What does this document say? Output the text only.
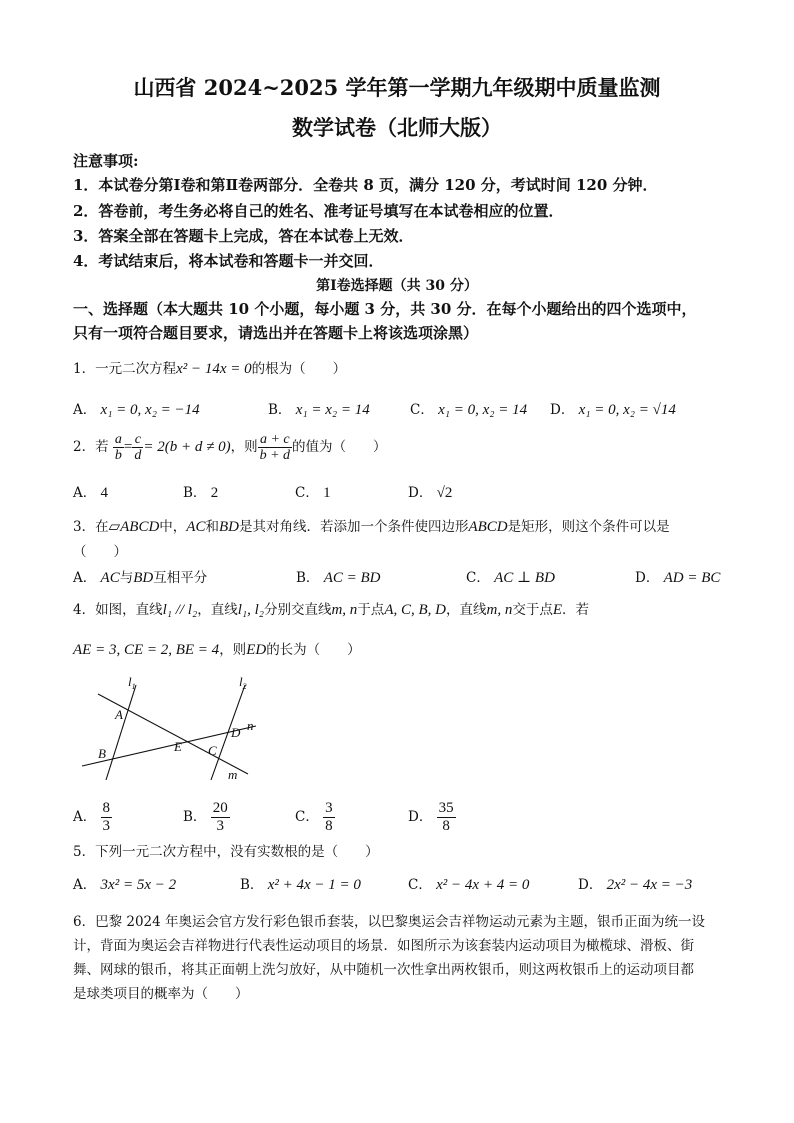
山西省 2024~2025 学年第一学期九年级期中质量监测
数学试卷（北师大版）
注意事项:
1．本试卷分第Ⅰ卷和第Ⅱ卷两部分．全卷共 8 页，满分 120 分，考试时间 120 分钟．
2．答卷前，考生务必将自己的姓名、准考证号填写在本试卷相应的位置．
3．答案全部在答题卡上完成，答在本试卷上无效．
4．考试结束后，将本试卷和答题卡一并交回．
第Ⅰ卷选择题（共 30 分）
一、选择题（本大题共 10 个小题，每小题 3 分，共 30 分．在每个小题给出的四个选项中，
只有一项符合题目要求，请选出并在答题卡上将该选项涂黑）
1．一元二次方程x² − 14x = 0的根为（　　）
A． x₁ = 0, x₂ = −14	B． x₁ = x₂ = 14	C． x₁ = 0, x₂ = 14 D． x₁ = 0, x₂ = √14
2．若 $\frac{a}{b} = \frac{c}{d} = 2(b + d \ne 0)$，则 $\frac{a + c}{b + d}$ 的值为（　　）
A． 4	B． 2	C． 1	D． √2
3．在▱ABCD中，AC和BD是其对角线．若添加一个条件使四边形ABCD是矩形，则这个条件可以是
（　　）
A． AC与BD互相平分	B． AC = BD	C． AC ⊥ BD	D． AD = BC
4．如图，直线l₁ // l₂，直线l₁, l₂分别交直线m, n于点A, C, B, D，直线m, n交于点E．若
AE = 3, CE = 2, BE = 4，则ED的长为（　　）
$l_1$	$l_2$
A
B	E C
D n
m
A． $\frac{8}{3}$	B． $\frac{20}{3}$	C． $\frac{3}{8}$	D． $\frac{35}{8}$
5．下列一元二次方程中，没有实数根的是（　　）
A． 3x² = 5x − 2	B． x² + 4x − 1 = 0	C． x² − 4x + 4 = 0	D． 2x² − 4x = −3
6．巴黎 2024 年奥运会官方发行彩色银币套装，以巴黎奥运会吉祥物运动元素为主题，银币正面为统一设
计，背面为奥运会吉祥物进行代表性运动项目的场景．如图所示为该套装内运动项目为橄榄球、滑板、街
舞、网球的银币，将其正面朝上洗匀放好，从中随机一次性拿出两枚银币，则这两枚银币上的运动项目都
是球类项目的概率为（　　）
